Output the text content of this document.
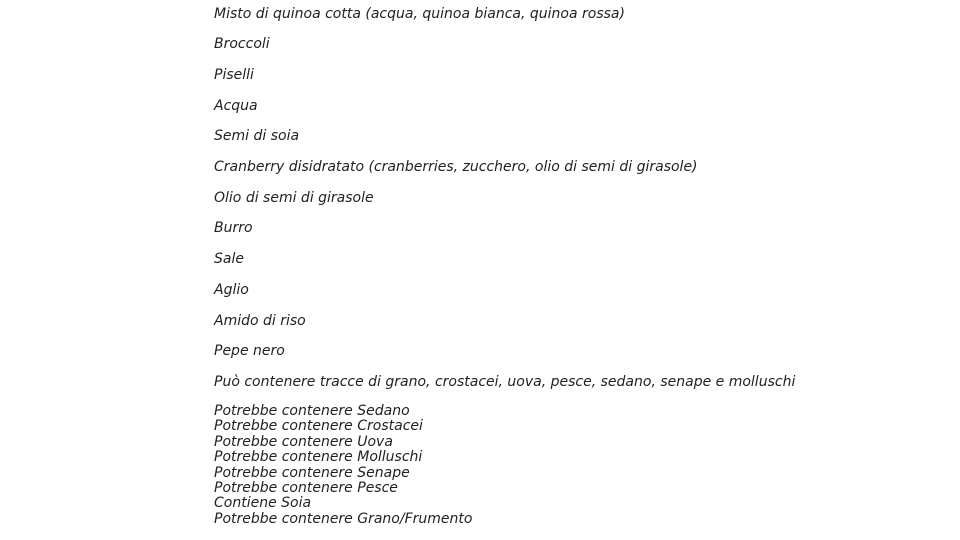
Misto di quinoa cotta (acqua, quinoa bianca, quinoa rossa)
Broccoli
Piselli
Acqua
Semi di soia
Cranberry disidratato (cranberries, zucchero, olio di semi di girasole)
Olio di semi di girasole
Burro
Sale
Aglio
Amido di riso
Pepe nero
Può contenere tracce di grano, crostacei, uova, pesce, sedano, senape e molluschi
Potrebbe contenere Sedano
Potrebbe contenere Crostacei
Potrebbe contenere Uova
Potrebbe contenere Molluschi
Potrebbe contenere Senape
Potrebbe contenere Pesce
Contiene Soia
Potrebbe contenere Grano/Frumento
